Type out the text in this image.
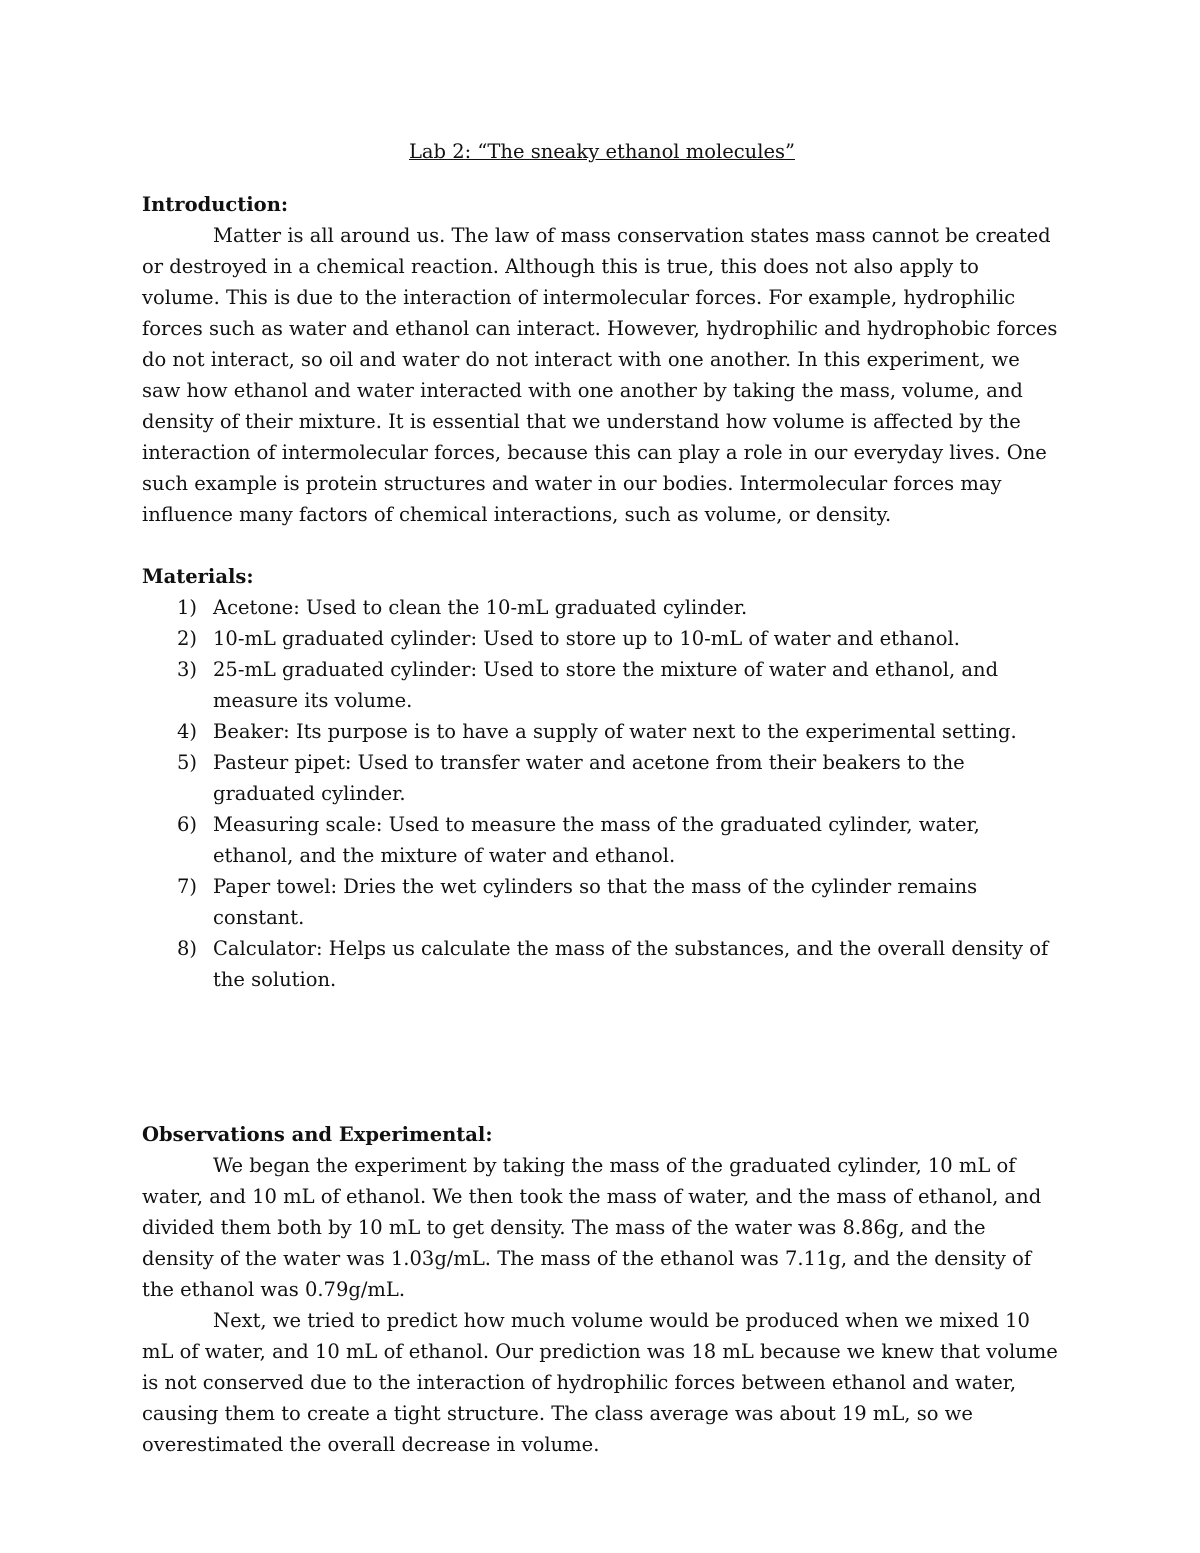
Lab 2: “The sneaky ethanol molecules”
Introduction:

Matter is all around us. The law of mass conservation states mass cannot be created or destroyed in a chemical reaction. Although this is true, this does not also apply to volume. This is due to the interaction of intermolecular forces. For example, hydrophilic forces such as water and ethanol can interact. However, hydrophilic and hydrophobic forces do not interact, so oil and water do not interact with one another. In this experiment, we saw how ethanol and water interacted with one another by taking the mass, volume, and density of their mixture. It is essential that we understand how volume is affected by the interaction of intermolecular forces, because this can play a role in our everyday lives. One such example is protein structures and water in our bodies. Intermolecular forces may influence many factors of chemical interactions, such as volume, or density.

Materials:
1) Acetone: Used to clean the 10-mL graduated cylinder.
2) 10-mL graduated cylinder: Used to store up to 10-mL of water and ethanol.
3) 25-mL graduated cylinder: Used to store the mixture of water and ethanol, and measure its volume.
4) Beaker: Its purpose is to have a supply of water next to the experimental setting.
5) Pasteur pipet: Used to transfer water and acetone from their beakers to the graduated cylinder.
6) Measuring scale: Used to measure the mass of the graduated cylinder, water, ethanol, and the mixture of water and ethanol.
7) Paper towel: Dries the wet cylinders so that the mass of the cylinder remains constant.
8) Calculator: Helps us calculate the mass of the substances, and the overall density of the solution.
Observations and Experimental:

We began the experiment by taking the mass of the graduated cylinder, 10 mL of water, and 10 mL of ethanol. We then took the mass of water, and the mass of ethanol, and divided them both by 10 mL to get density. The mass of the water was 8.86g, and the density of the water was 1.03g/mL. The mass of the ethanol was 7.11g, and the density of the ethanol was 0.79g/mL.

Next, we tried to predict how much volume would be produced when we mixed 10 mL of water, and 10 mL of ethanol. Our prediction was 18 mL because we knew that volume is not conserved due to the interaction of hydrophilic forces between ethanol and water, causing them to create a tight structure. The class average was about 19 mL, so we overestimated the overall decrease in volume.
